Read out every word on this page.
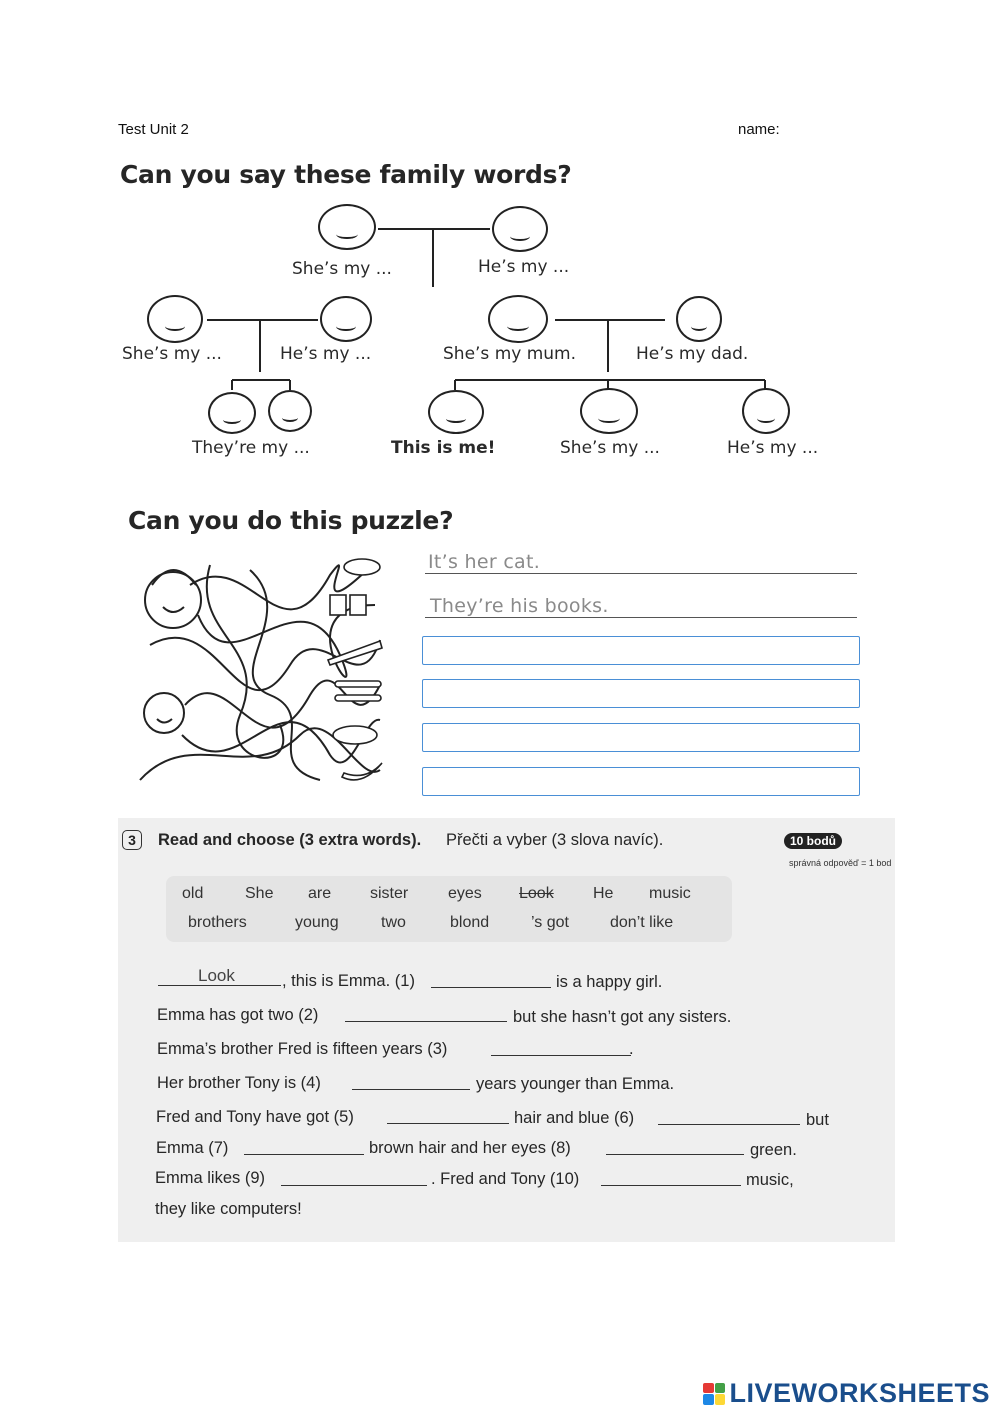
Test Unit 2	name:
Can you say these family words?
She’s my ...	He’s my ...
She’s my ...	He’s my ...	She’s my mum.	He’s my dad.
They’re my ...	This is me!	She’s my ...	He’s my ...
Can you do this puzzle?
It’s her cat.
They’re his books.
3	Read and choose (3 extra words). Přečti a vyber (3 slova navíc).	10 bodů
správná odpověď = 1 bod
old	She are sister eyes Look He music
brothers	young	two	blond	’s got	don’t like
Look	, this is Emma. (1)	is a happy girl.
Emma has got two (2)	but she hasn’t got any sisters.
Emma’s brother Fred is fifteen years (3)	.
Her brother Tony is (4)	years younger than Emma.
Fred and Tony have got (5)	hair and blue (6)	but
Emma (7)	brown hair and her eyes (8)	green.
Emma likes (9)	. Fred and Tony (10)	music,
they like computers!
LIVEWORKSHEETS
